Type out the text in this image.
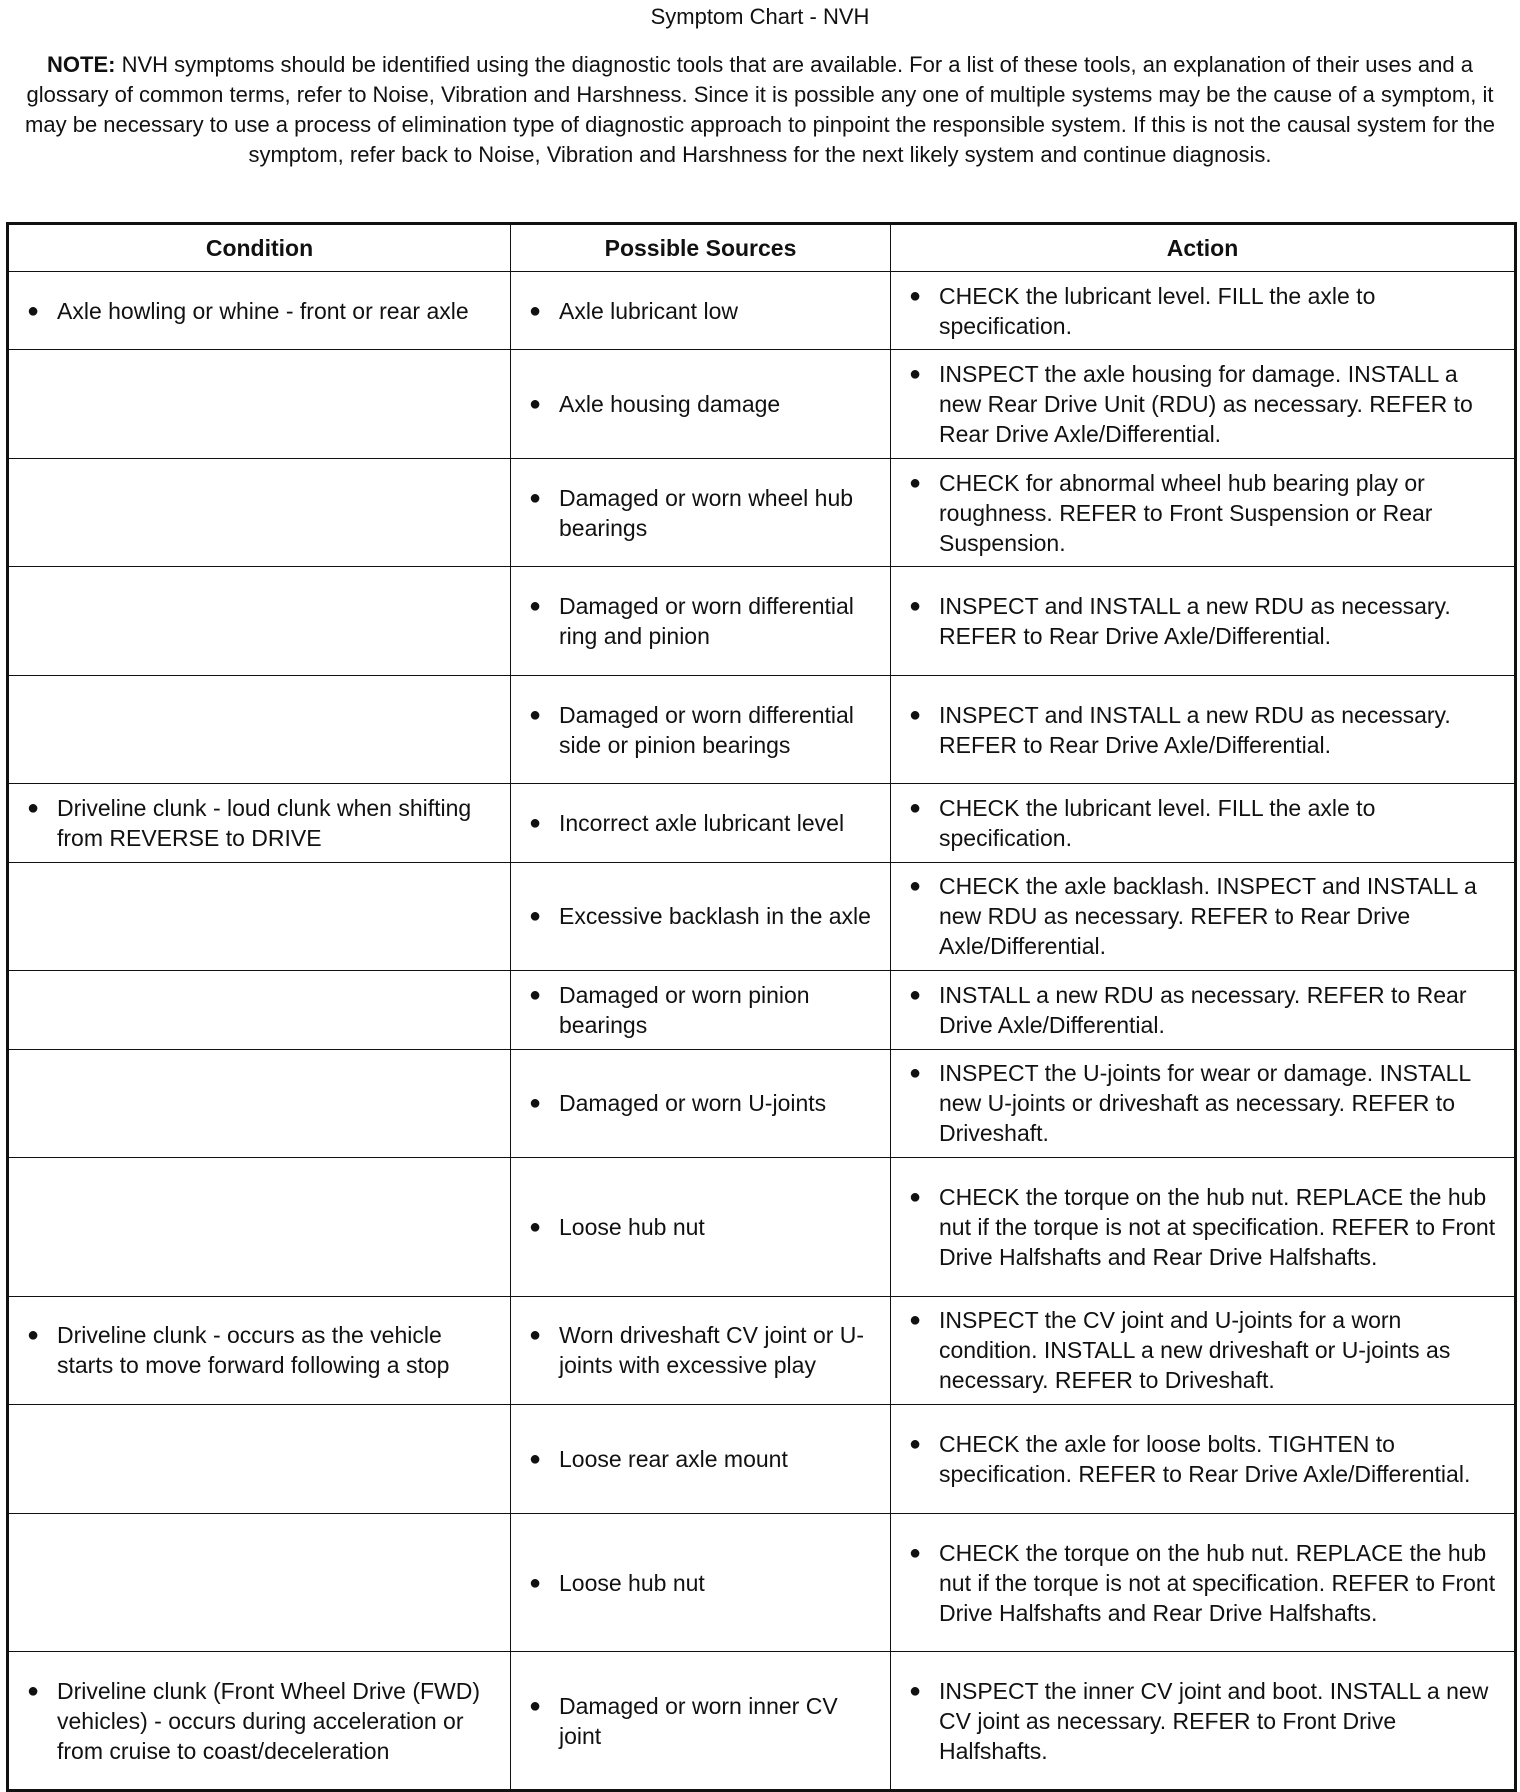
Symptom Chart - NVH
NOTE: NVH symptoms should be identified using the diagnostic tools that are available. For a list of these tools, an explanation of their uses and a glossary of common terms, refer to Noise, Vibration and Harshness. Since it is possible any one of multiple systems may be the cause of a symptom, it may be necessary to use a process of elimination type of diagnostic approach to pinpoint the responsible system. If this is not the causal system for the symptom, refer back to Noise, Vibration and Harshness for the next likely system and continue diagnosis.
Condition	Possible Sources	Action

● Axle howling or whine - front or rear axle	● Axle lubricant low	● CHECK the lubricant level. FILL the axle to specification.

	● Axle housing damage	● INSPECT the axle housing for damage. INSTALL a new Rear Drive Unit (RDU) as necessary. REFER to Rear Drive Axle/Differential.

	● Damaged or worn wheel hub bearings	● CHECK for abnormal wheel hub bearing play or roughness. REFER to Front Suspension or Rear Suspension.

	● Damaged or worn differential ring and pinion	● INSPECT and INSTALL a new RDU as necessary. REFER to Rear Drive Axle/Differential.

	● Damaged or worn differential side or pinion bearings	● INSPECT and INSTALL a new RDU as necessary. REFER to Rear Drive Axle/Differential.

● Driveline clunk - loud clunk when shifting from REVERSE to DRIVE	● Incorrect axle lubricant level	● CHECK the lubricant level. FILL the axle to specification.

	● Excessive backlash in the axle	● CHECK the axle backlash. INSPECT and INSTALL a new RDU as necessary. REFER to Rear Drive Axle/Differential.

	● Damaged or worn pinion bearings	● INSTALL a new RDU as necessary. REFER to Rear Drive Axle/Differential.

	● Damaged or worn U-joints	● INSPECT the U-joints for wear or damage. INSTALL new U-joints or driveshaft as necessary. REFER to Driveshaft.

	● Loose hub nut	● CHECK the torque on the hub nut. REPLACE the hub nut if the torque is not at specification. REFER to Front Drive Halfshafts and Rear Drive Halfshafts.

● Driveline clunk - occurs as the vehicle starts to move forward following a stop	● Worn driveshaft CV joint or U-joints with excessive play	● INSPECT the CV joint and U-joints for a worn condition. INSTALL a new driveshaft or U-joints as necessary. REFER to Driveshaft.

	● Loose rear axle mount	● CHECK the axle for loose bolts. TIGHTEN to specification. REFER to Rear Drive Axle/Differential.

	● Loose hub nut	● CHECK the torque on the hub nut. REPLACE the hub nut if the torque is not at specification. REFER to Front Drive Halfshafts and Rear Drive Halfshafts.

● Driveline clunk (Front Wheel Drive (FWD) vehicles) - occurs during acceleration or from cruise to coast/deceleration	● Damaged or worn inner CV joint	● INSPECT the inner CV joint and boot. INSTALL a new CV joint as necessary. REFER to Front Drive Halfshafts.
